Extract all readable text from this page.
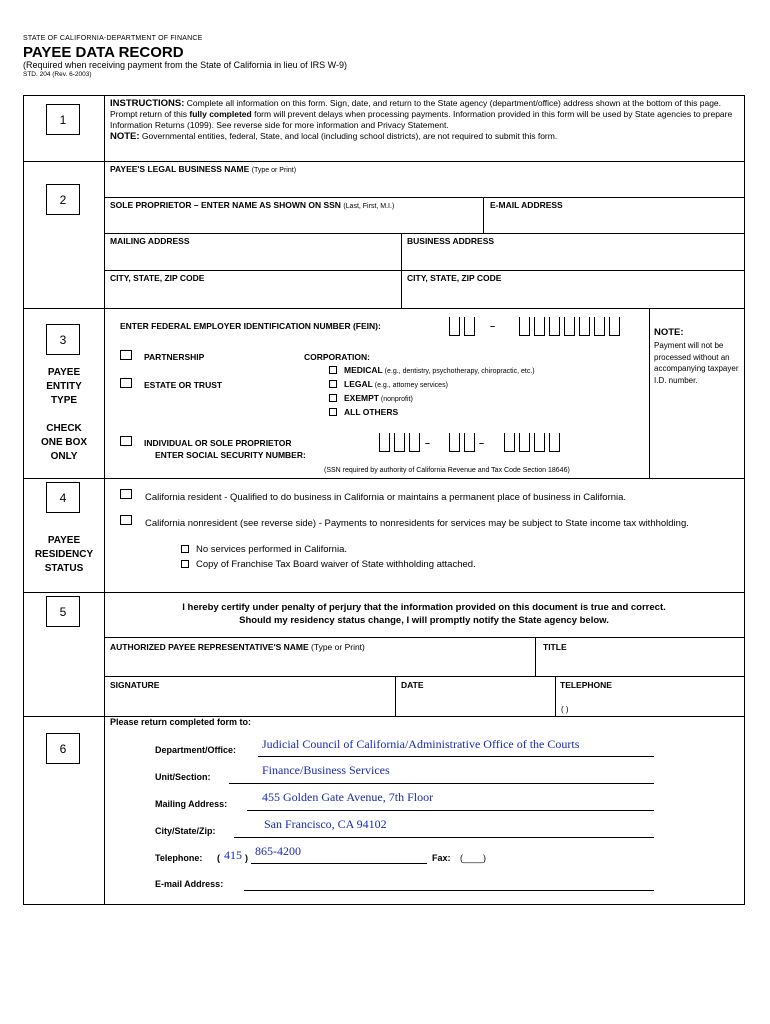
STATE OF CALIFORNIA-DEPARTMENT OF FINANCE
PAYEE DATA RECORD
(Required when receiving payment from the State of California in lieu of IRS W-9)
STD. 204 (Rev. 6-2003)
1
2
3
4
5
6
INSTRUCTIONS: Complete all information on this form. Sign, date, and return to the State agency (department/office) address shown at the bottom of this page. Prompt return of this fully completed form will prevent delays when processing payments. Information provided in this form will be used by State agencies to prepare Information Returns (1099). See reverse side for more information and Privacy Statement.
NOTE: Governmental entities, federal, State, and local (including school districts), are not required to submit this form.
PAYEE'S LEGAL BUSINESS NAME (Type or Print)
SOLE PROPRIETOR – ENTER NAME AS SHOWN ON SSN (Last, First, M.I.)	E-MAIL ADDRESS
MAILING ADDRESS	BUSINESS ADDRESS
CITY, STATE, ZIP CODE	CITY, STATE, ZIP CODE
PAYEE
ENTITY
TYPE
CHECK
ONE BOX
ONLY
ENTER FEDERAL EMPLOYER IDENTIFICATION NUMBER (FEIN):	–
PARTNERSHIP
ESTATE OR TRUST
CORPORATION:
MEDICAL (e.g., dentistry, psychotherapy, chiropractic, etc.)
LEGAL (e.g., attorney services)
EXEMPT (nonprofit)
ALL OTHERS
INDIVIDUAL OR SOLE PROPRIETOR
ENTER SOCIAL SECURITY NUMBER:
–	–
(SSN required by authority of California Revenue and Tax Code Section 18646)
NOTE:
Payment will not be processed without an accompanying taxpayer I.D. number.
PAYEE
RESIDENCY
STATUS
California resident - Qualified to do business in California or maintains a permanent place of business in California.
California nonresident (see reverse side) - Payments to nonresidents for services may be subject to State income tax withholding.
No services performed in California.
Copy of Franchise Tax Board waiver of State withholding attached.
I hereby certify under penalty of perjury that the information provided on this document is true and correct.
Should my residency status change, I will promptly notify the State agency below.
AUTHORIZED PAYEE REPRESENTATIVE'S NAME (Type or Print)	TITLE
SIGNATURE	DATE	TELEPHONE
( )
Please return completed form to:
Department/Office: Judicial Council of California/Administrative Office of the Courts
Unit/Section:	Finance/Business Services
Mailing Address:	455 Golden Gate Avenue, 7th Floor
City/State/Zip:	San Francisco, CA 94102
Telephone: ( 415 ) 865-4200	Fax: (____)
E-mail Address:
